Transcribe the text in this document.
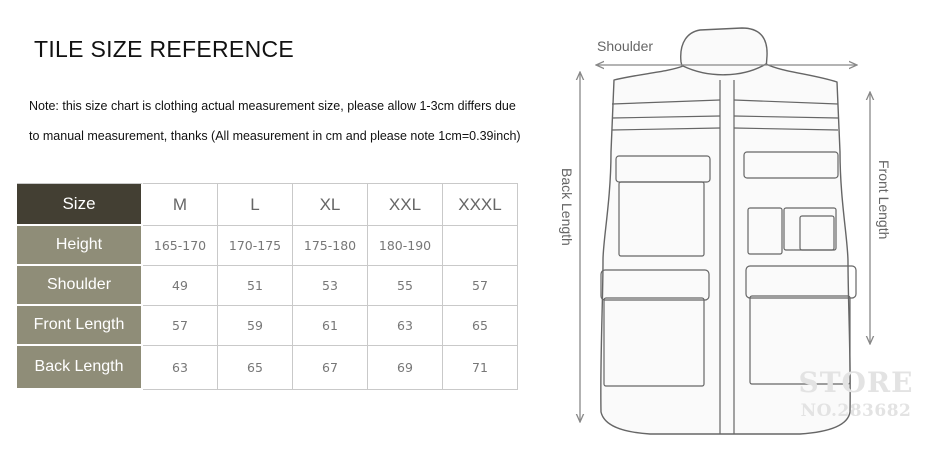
TILE SIZE REFERENCE
Note: this size chart is clothing actual measurement size, please allow 1-3cm differs due
to manual measurement, thanks (All measurement in cm and please note 1cm=0.39inch)
Size	M	L	XL	XXL	XXXL
Height	165-170	170-175	175-180	180-190	
Shoulder	49	51	53	55	57
Front Length	57	59	61	63	65
Back Length	63	65	67	69	71
Shoulder
Back Length	Front Length
STORE
NO.283682
